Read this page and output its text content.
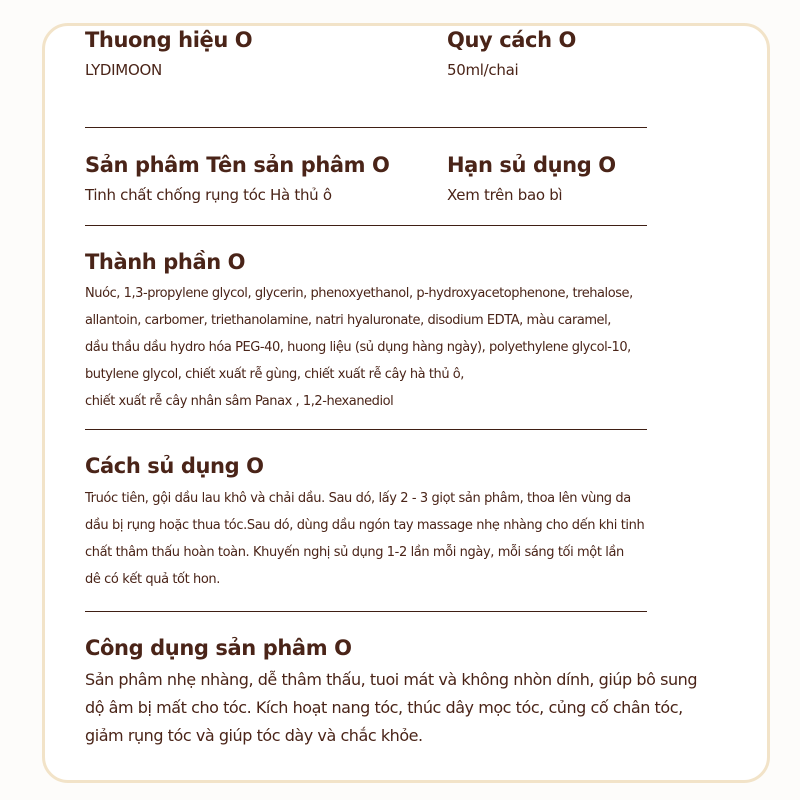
Thuong hiệu O
LYDIMOON
Quy cách O
50ml/chai
Sản phâm Tên sản phâm O
Tinh chất chống rụng tóc Hà thủ ô
Hạn sủ dụng O
Xem trên bao bì
Thành phần O
Nuóc, 1,3-propylene glycol, glycerin, phenoxyethanol, p-hydroxyacetophenone, trehalose,
allantoin, carbomer, triethanolamine, natri hyaluronate, disodium EDTA, màu caramel,
dầu thầu dầu hydro hóa PEG-40, huong liệu (sủ dụng hàng ngày), polyethylene glycol-10,
butylene glycol, chiết xuất rễ gùng, chiết xuất rễ cây hà thủ ô,
chiết xuất rễ cây nhân sâm Panax , 1,2-hexanediol
Cách sủ dụng O
Truóc tiên, gội dầu lau khô và chải dầu. Sau dó, lấy 2 - 3 giọt sản phâm, thoa lên vùng da
dầu bị rụng hoặc thua tóc.Sau dó, dùng dầu ngón tay massage nhẹ nhàng cho dến khi tinh
chất thâm thấu hoàn toàn. Khuyến nghị sủ dụng 1-2 lần mỗi ngày, mỗi sáng tối một lần
dê có kết quả tốt hon.
Công dụng sản phâm O
Sản phâm nhẹ nhàng, dễ thâm thấu, tuoi mát và không nhòn dính, giúp bô sung
dộ âm bị mất cho tóc. Kích hoạt nang tóc, thúc dây mọc tóc, củng cố chân tóc,
giảm rụng tóc và giúp tóc dày và chắc khỏe.
